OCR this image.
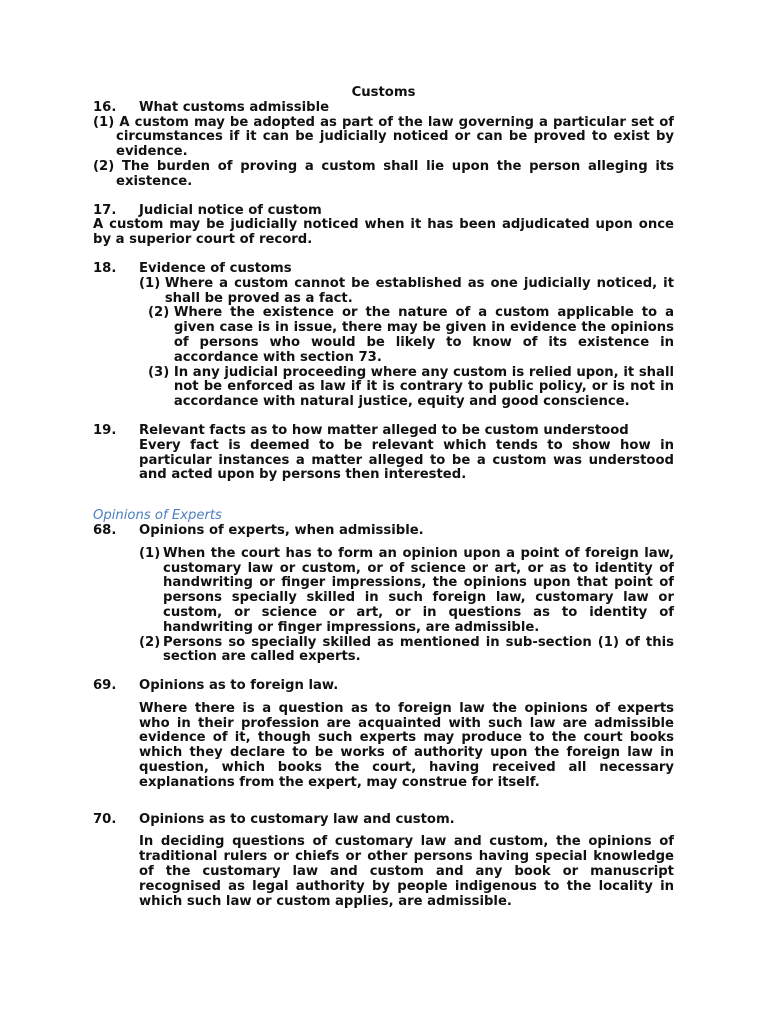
Customs
16.	What customs admissible
(1) A custom may be adopted as part of the law governing a particular set of circumstances if it can be judicially noticed or can be proved to exist by evidence.
(2) The burden of proving a custom shall lie upon the person alleging its existence.
17.	Judicial notice of custom
A custom may be judicially noticed when it has been adjudicated upon once by a superior court of record.
18.	Evidence of customs
(1) Where a custom cannot be established as one judicially noticed, it shall be proved as a fact.
(2) Where the existence or the nature of a custom applicable to a given case is in issue, there may be given in evidence the opinions of persons who would be likely to know of its existence in accordance with section 73.
(3) In any judicial proceeding where any custom is relied upon, it shall not be enforced as law if it is contrary to public policy, or is not in accordance with natural justice, equity and good conscience.
19.	Relevant facts as to how matter alleged to be custom understood
Every fact is deemed to be relevant which tends to show how in particular instances a matter alleged to be a custom was understood and acted upon by persons then interested.
Opinions of Experts
68.	Opinions of experts, when admissible.
(1) When the court has to form an opinion upon a point of foreign law, customary law or custom, or of science or art, or as to identity of handwriting or finger impressions, the opinions upon that point of persons specially skilled in such foreign law, customary law or custom, or science or art, or in questions as to identity of handwriting or finger impressions, are admissible.
(2) Persons so specially skilled as mentioned in sub-section (1) of this section are called experts.
69.	Opinions as to foreign law.
Where there is a question as to foreign law the opinions of experts who in their profession are acquainted with such law are admissible evidence of it, though such experts may produce to the court books which they declare to be works of authority upon the foreign law in question, which books the court, having received all necessary explanations from the expert, may construe for itself.
70.	Opinions as to customary law and custom.
In deciding questions of customary law and custom, the opinions of traditional rulers or chiefs or other persons having special knowledge of the customary law and custom and any book or manuscript recognised as legal authority by people indigenous to the locality in which such law or custom applies, are admissible.
